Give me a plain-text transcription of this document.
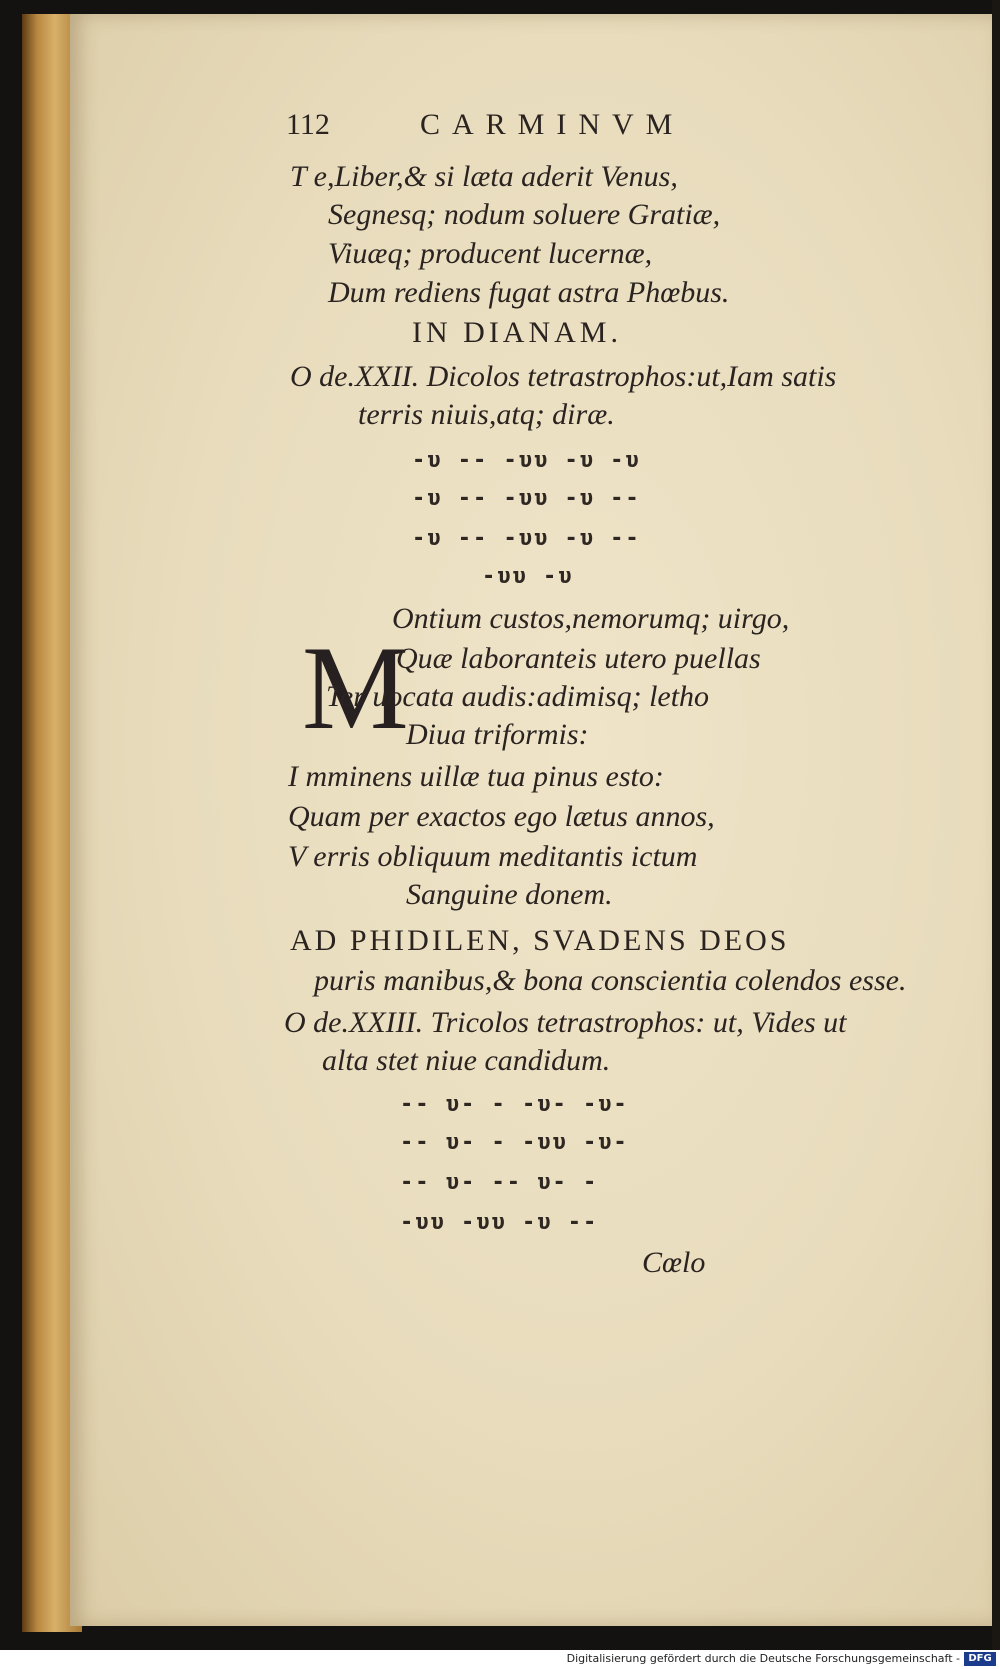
112	CARMINVM
T e,Liber,& si læta aderit Venus,
Segnesq; nodum soluere Gratiæ,
Viuæq; producent lucernæ,
Dum rediens fugat astra Phœbus.
IN DIANAM.
O de.XXII. Dicolos tetrastrophos:ut,Iam satis
terris niuis,atq; diræ.
-υ -- -υυ -υ -υ
-υ -- -υυ -υ --
-υ -- -υυ -υ --
-υυ -υ
M
Ontium custos,nemorumq; uirgo,
Quæ laboranteis utero puellas
Ter uocata audis:adimisq; letho
Diua triformis:
I mminens uillæ tua pinus esto:
Quam per exactos ego lætus annos,
V erris obliquum meditantis ictum
Sanguine donem.
AD PHIDILEN, SVADENS DEOS
puris manibus,& bona conscientia colendos esse.
O de.XXIII. Tricolos tetrastrophos: ut, Vides ut
alta stet niue candidum.
-- υ- - -υ- -υ-
-- υ- - -υυ -υ-
-- υ- -- υ- -
-υυ -υυ -υ --
Cœlo
Digitalisierung gefördert durch die Deutsche Forschungsgemeinschaft - DFG
